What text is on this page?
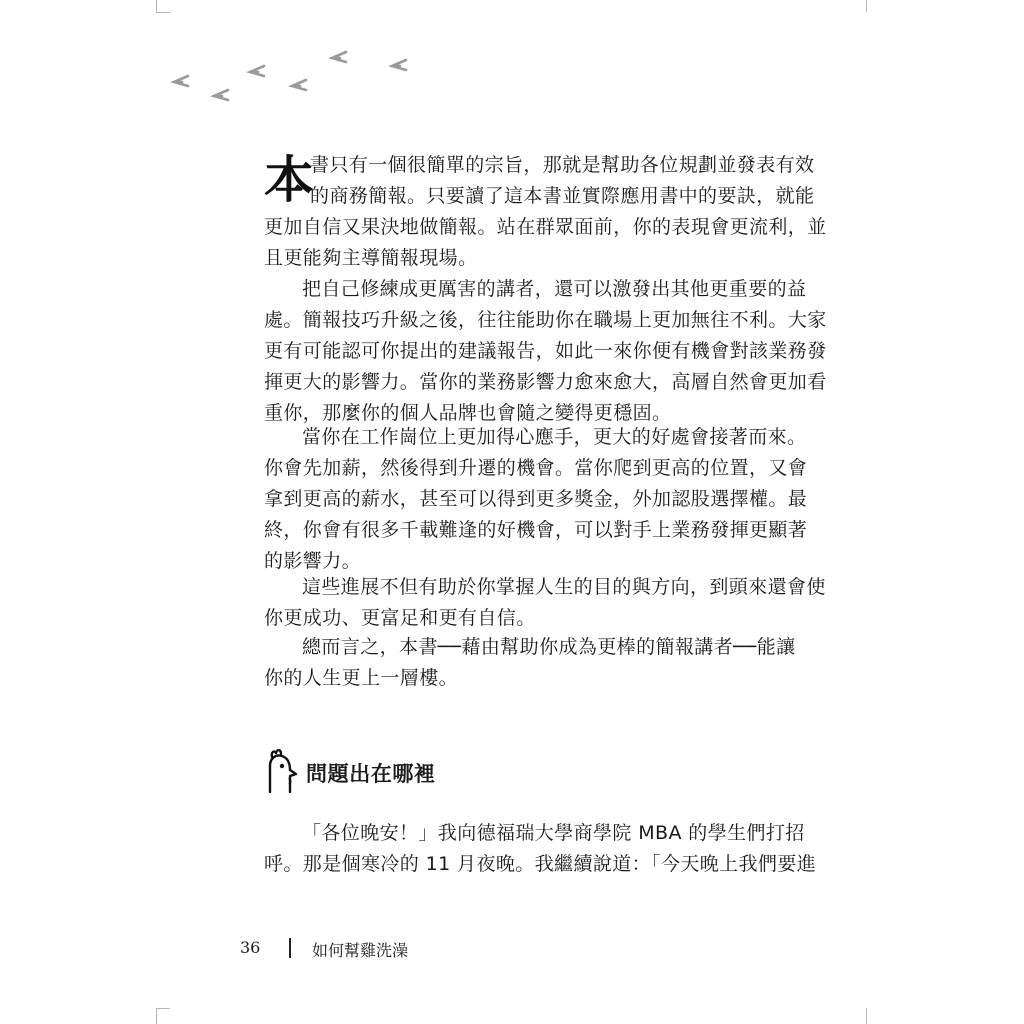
本
書只有一個很簡單的宗旨，那就是幫助各位規劃並發表有效
的商務簡報。只要讀了這本書並實際應用書中的要訣，就能
更加自信又果決地做簡報。站在群眾面前，你的表現會更流利，並
且更能夠主導簡報現場。
把自己修練成更厲害的講者，還可以激發出其他更重要的益
處。簡報技巧升級之後，往往能助你在職場上更加無往不利。大家
更有可能認可你提出的建議報告，如此一來你便有機會對該業務發
揮更大的影響力。當你的業務影響力愈來愈大，高層自然會更加看
重你，那麼你的個人品牌也會隨之變得更穩固。
當你在工作崗位上更加得心應手，更大的好處會接著而來。
你會先加薪，然後得到升遷的機會。當你爬到更高的位置，又會
拿到更高的薪水，甚至可以得到更多獎金，外加認股選擇權。最
終，你會有很多千載難逢的好機會，可以對手上業務發揮更顯著
的影響力。
這些進展不但有助於你掌握人生的目的與方向，到頭來還會使
你更成功、更富足和更有自信。
總而言之，本書──藉由幫助你成為更棒的簡報講者──能讓
你的人生更上一層樓。
問題出在哪裡
「各位晚安！」我向德福瑞大學商學院 MBA 的學生們打招
呼。那是個寒冷的 11 月夜晚。我繼續說道：「今天晚上我們要進
36	如何幫雞洗澡
